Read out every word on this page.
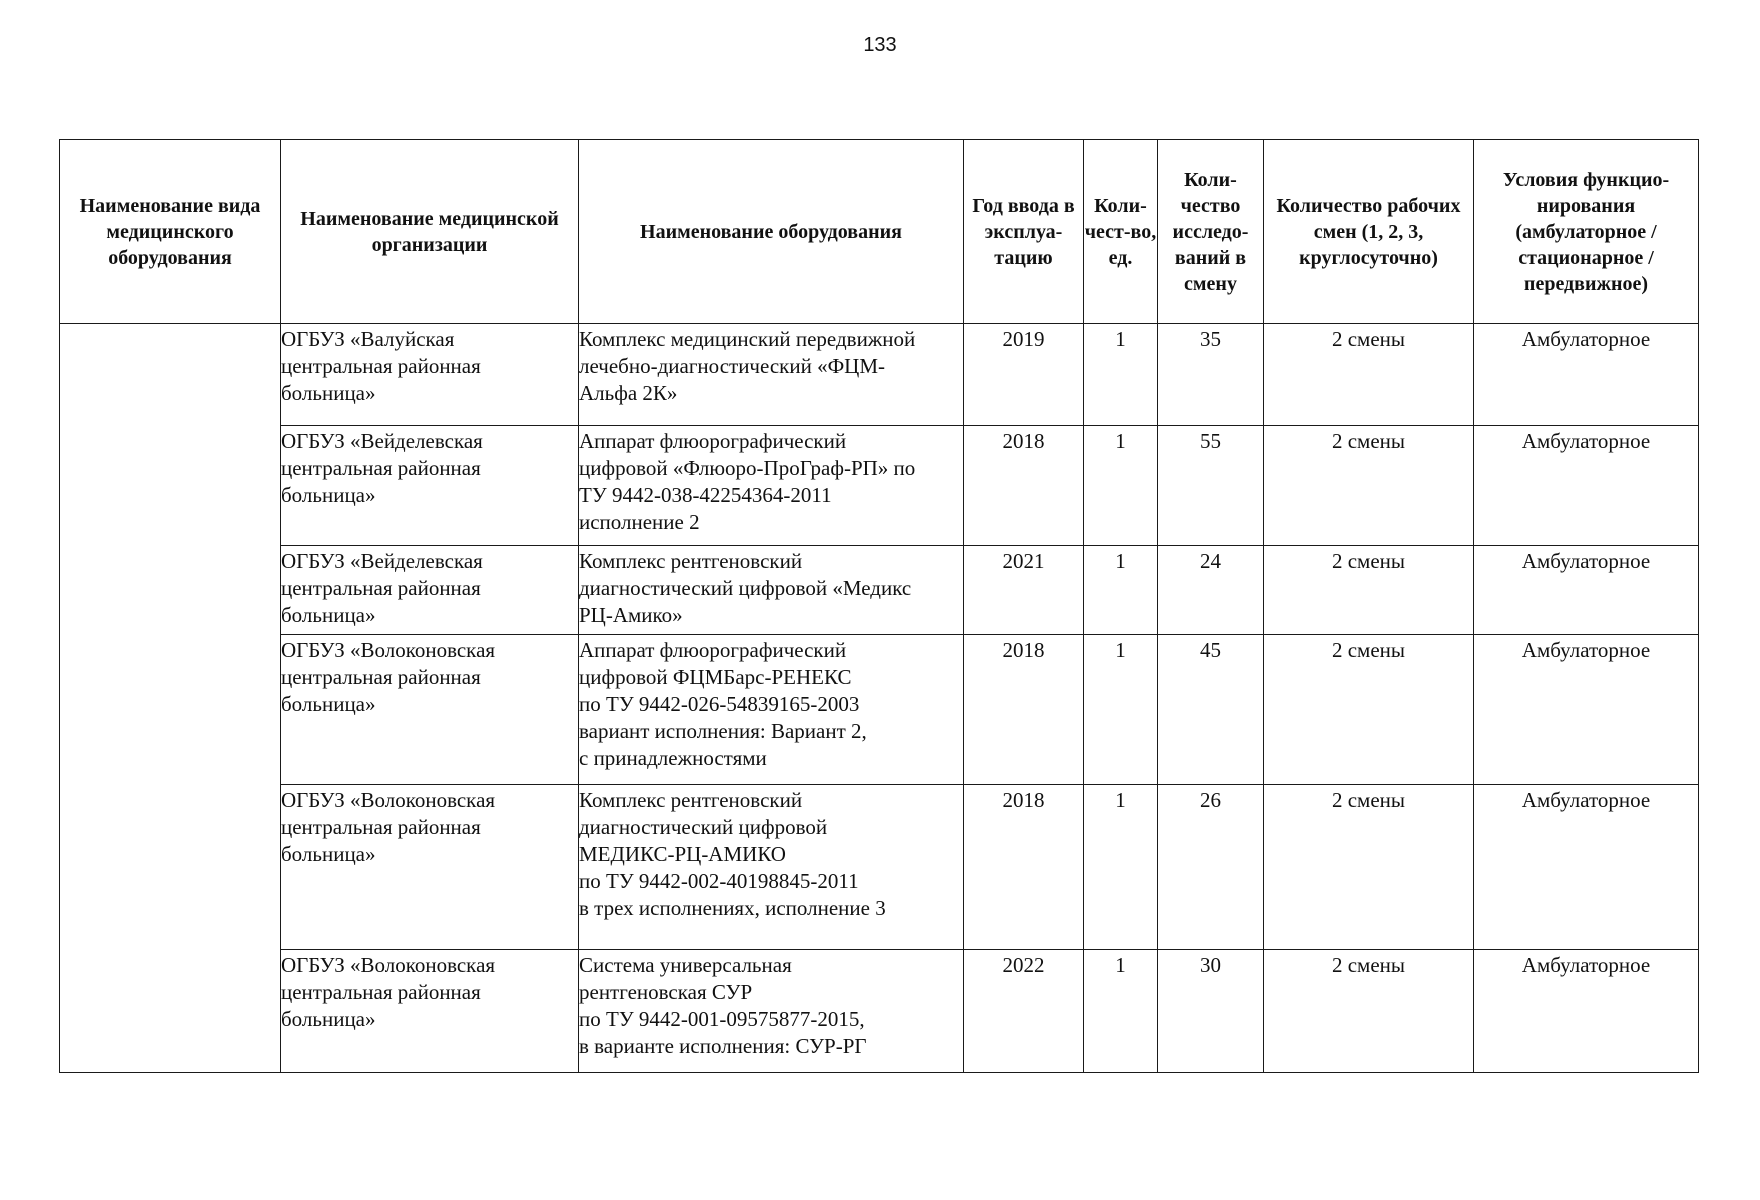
133
Наименование вида медицинского оборудования	Наименование медицинской организации	Наименование оборудования	Год ввода в эксплуа-тацию	Коли-чест-во, ед.	Коли-чество исследо-ваний в смену	Количество рабочих смен (1, 2, 3, круглосуточно)	Условия функцио-нирования (амбулаторное / стационарное / передвижное)
	ОГБУЗ «Валуйская
центральная районная
больница»	Комплекс медицинский передвижной
лечебно-диагностический «ФЦМ-
Альфа 2К»	2019	1	35	2 смены	Амбулаторное
	ОГБУЗ «Вейделевская
центральная районная
больница»	Аппарат флюорографический
цифровой «Флюоро-ПроГраф-РП» по
ТУ 9442-038-42254364-2011
исполнение 2	2018	1	55	2 смены	Амбулаторное
	ОГБУЗ «Вейделевская
центральная районная
больница»	Комплекс рентгеновский
диагностический цифровой «Медикс
РЦ-Амико»	2021	1	24	2 смены	Амбулаторное
	ОГБУЗ «Волоконовская
центральная районная
больница»	Аппарат флюорографический
цифровой ФЦМБарс-РЕНЕКС
по ТУ 9442-026-54839165-2003
вариант исполнения: Вариант 2,
с принадлежностями	2018	1	45	2 смены	Амбулаторное
	ОГБУЗ «Волоконовская
центральная районная
больница»	Комплекс рентгеновский
диагностический цифровой
МЕДИКС-РЦ-АМИКО
по ТУ 9442-002-40198845-2011
в трех исполнениях, исполнение 3	2018	1	26	2 смены	Амбулаторное
	ОГБУЗ «Волоконовская
центральная районная
больница»	Система универсальная
рентгеновская СУР
по ТУ 9442-001-09575877-2015,
в варианте исполнения: СУР-РГ	2022	1	30	2 смены	Амбулаторное
